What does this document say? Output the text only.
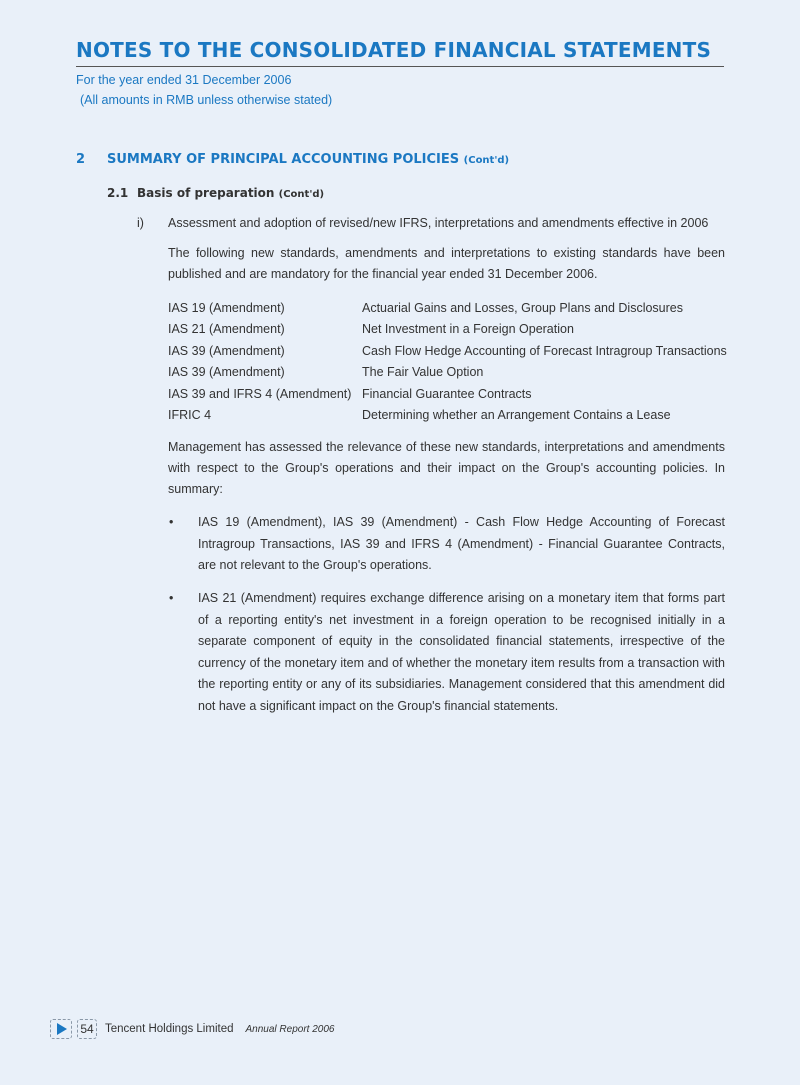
NOTES TO THE CONSOLIDATED FINANCIAL STATEMENTS
For the year ended 31 December 2006
(All amounts in RMB unless otherwise stated)
2 SUMMARY OF PRINCIPAL ACCOUNTING POLICIES (Cont'd)
2.1 Basis of preparation (Cont'd)
i) Assessment and adoption of revised/new IFRS, interpretations and amendments effective in 2006
The following new standards, amendments and interpretations to existing standards have been published and are mandatory for the financial year ended 31 December 2006.
IAS 19 (Amendment)	Actuarial Gains and Losses, Group Plans and Disclosures
IAS 21 (Amendment)	Net Investment in a Foreign Operation
IAS 39 (Amendment)	Cash Flow Hedge Accounting of Forecast Intragroup Transactions
IAS 39 (Amendment)	The Fair Value Option
IAS 39 and IFRS 4 (Amendment) Financial Guarantee Contracts
IFRIC 4	Determining whether an Arrangement Contains a Lease
Management has assessed the relevance of these new standards, interpretations and amendments with respect to the Group's operations and their impact on the Group's accounting policies. In summary:
• IAS 19 (Amendment), IAS 39 (Amendment) - Cash Flow Hedge Accounting of Forecast Intragroup Transactions, IAS 39 and IFRS 4 (Amendment) - Financial Guarantee Contracts, are not relevant to the Group's operations.
• IAS 21 (Amendment) requires exchange difference arising on a monetary item that forms part of a reporting entity's net investment in a foreign operation to be recognised initially in a separate component of equity in the consolidated financial statements, irrespective of the currency of the monetary item and of whether the monetary item results from a transaction with the reporting entity or any of its subsidiaries. Management considered that this amendment did not have a significant impact on the Group's financial statements.
54 Tencent Holdings Limited Annual Report 2006
